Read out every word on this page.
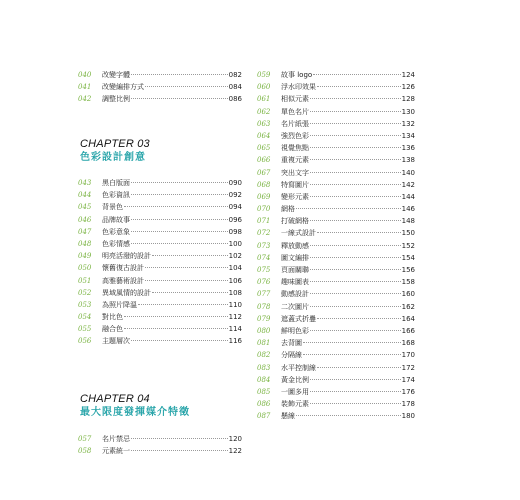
040	改變字體	082
041	改變編排方式	084
042	調整比例	086
CHAPTER 03
色彩設計創意
043	黑白版面	090
044	色彩資訊	092
045	背景色	094
046	品牌故事	096
047	色彩意象	098
048	色彩情感	100
049	明亮活潑的設計	102
050	懷舊復古設計	104
051	高雅藝術設計	106
052	異域風情的設計	108
053	為照片降溫	110
054	對比色	112
055	融合色	114
056	主題層次	116
CHAPTER 04
最大限度發揮媒介特徵
057	名片禁忌	120
058	元素統一	122
059	故事 logo	124
060	浮水印效果	126
061	相似元素	128
062	單色名片	130
063	名片紙張	132
064	強烈色彩	134
065	視覺焦點	136
066	重複元素	138
067	突出文字	140
068	特寫圖片	142
069	變形元素	144
070	網格	146
071	打破網格	148
072	一線式設計	150
073	釋放動感	152
074	圖文編排	154
075	頁面關聯	156
076	趣味圖表	158
077	動感設計	160
078	二次圖片	162
079	遮蓋式折疊	164
080	鮮明色彩	166
081	去背圖	168
082	分隔線	170
083	水平控制線	172
084	黃金比例	174
085	一圖多用	176
086	裝飾元素	178
087	懸線	180
